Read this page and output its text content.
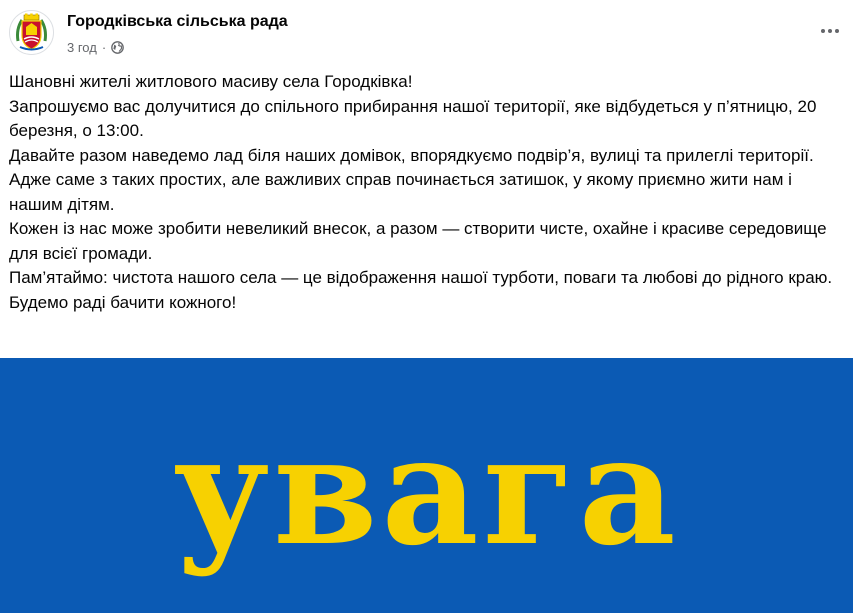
Городківська сільська рада
3 год ·

Шановні жителі житлового масиву села Городківка!

Запрошуємо вас долучитися до спільного прибирання нашої території, яке відбудеться у п’ятницю, 20 березня, о 13:00.

Давайте разом наведемо лад біля наших домівок, впорядкуємо подвір’я, вулиці та прилеглі території. Адже саме з таких простих, але важливих справ починається затишок, у якому приємно жити нам і нашим дітям.

Кожен із нас може зробити невеликий внесок, а разом — створити чисте, охайне і красиве середовище для всієї громади.

Пам’ятаймо: чистота нашого села — це відображення нашої турботи, поваги та любові до рідного краю.

Будемо раді бачити кожного!

увага
